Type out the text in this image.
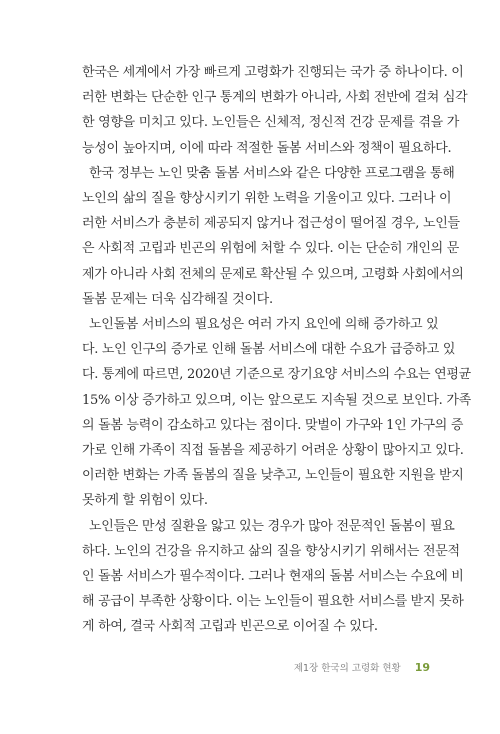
한국은 세계에서 가장 빠르게 고령화가 진행되는 국가 중 하나이다. 이
러한 변화는 단순한 인구 통계의 변화가 아니라, 사회 전반에 걸쳐 심각
한 영향을 미치고 있다. 노인들은 신체적, 정신적 건강 문제를 겪을 가
능성이 높아지며, 이에 따라 적절한 돌봄 서비스와 정책이 필요하다.

한국 정부는 노인 맞춤 돌봄 서비스와 같은 다양한 프로그램을 통해
노인의 삶의 질을 향상시키기 위한 노력을 기울이고 있다. 그러나 이
러한 서비스가 충분히 제공되지 않거나 접근성이 떨어질 경우, 노인들
은 사회적 고립과 빈곤의 위험에 처할 수 있다. 이는 단순히 개인의 문
제가 아니라 사회 전체의 문제로 확산될 수 있으며, 고령화 사회에서의
돌봄 문제는 더욱 심각해질 것이다.

노인돌봄 서비스의 필요성은 여러 가지 요인에 의해 증가하고 있
다. 노인 인구의 증가로 인해 돌봄 서비스에 대한 수요가 급증하고 있
다. 통계에 따르면, 2020년 기준으로 장기요양 서비스의 수요는 연평균
15% 이상 증가하고 있으며, 이는 앞으로도 지속될 것으로 보인다. 가족
의 돌봄 능력이 감소하고 있다는 점이다. 맞벌이 가구와 1인 가구의 증
가로 인해 가족이 직접 돌봄을 제공하기 어려운 상황이 많아지고 있다.
이러한 변화는 가족 돌봄의 질을 낮추고, 노인들이 필요한 지원을 받지
못하게 할 위험이 있다.

노인들은 만성 질환을 앓고 있는 경우가 많아 전문적인 돌봄이 필요
하다. 노인의 건강을 유지하고 삶의 질을 향상시키기 위해서는 전문적
인 돌봄 서비스가 필수적이다. 그러나 현재의 돌봄 서비스는 수요에 비
해 공급이 부족한 상황이다. 이는 노인들이 필요한 서비스를 받지 못하
게 하여, 결국 사회적 고립과 빈곤으로 이어질 수 있다.

제1장 한국의 고령화 현황 19
